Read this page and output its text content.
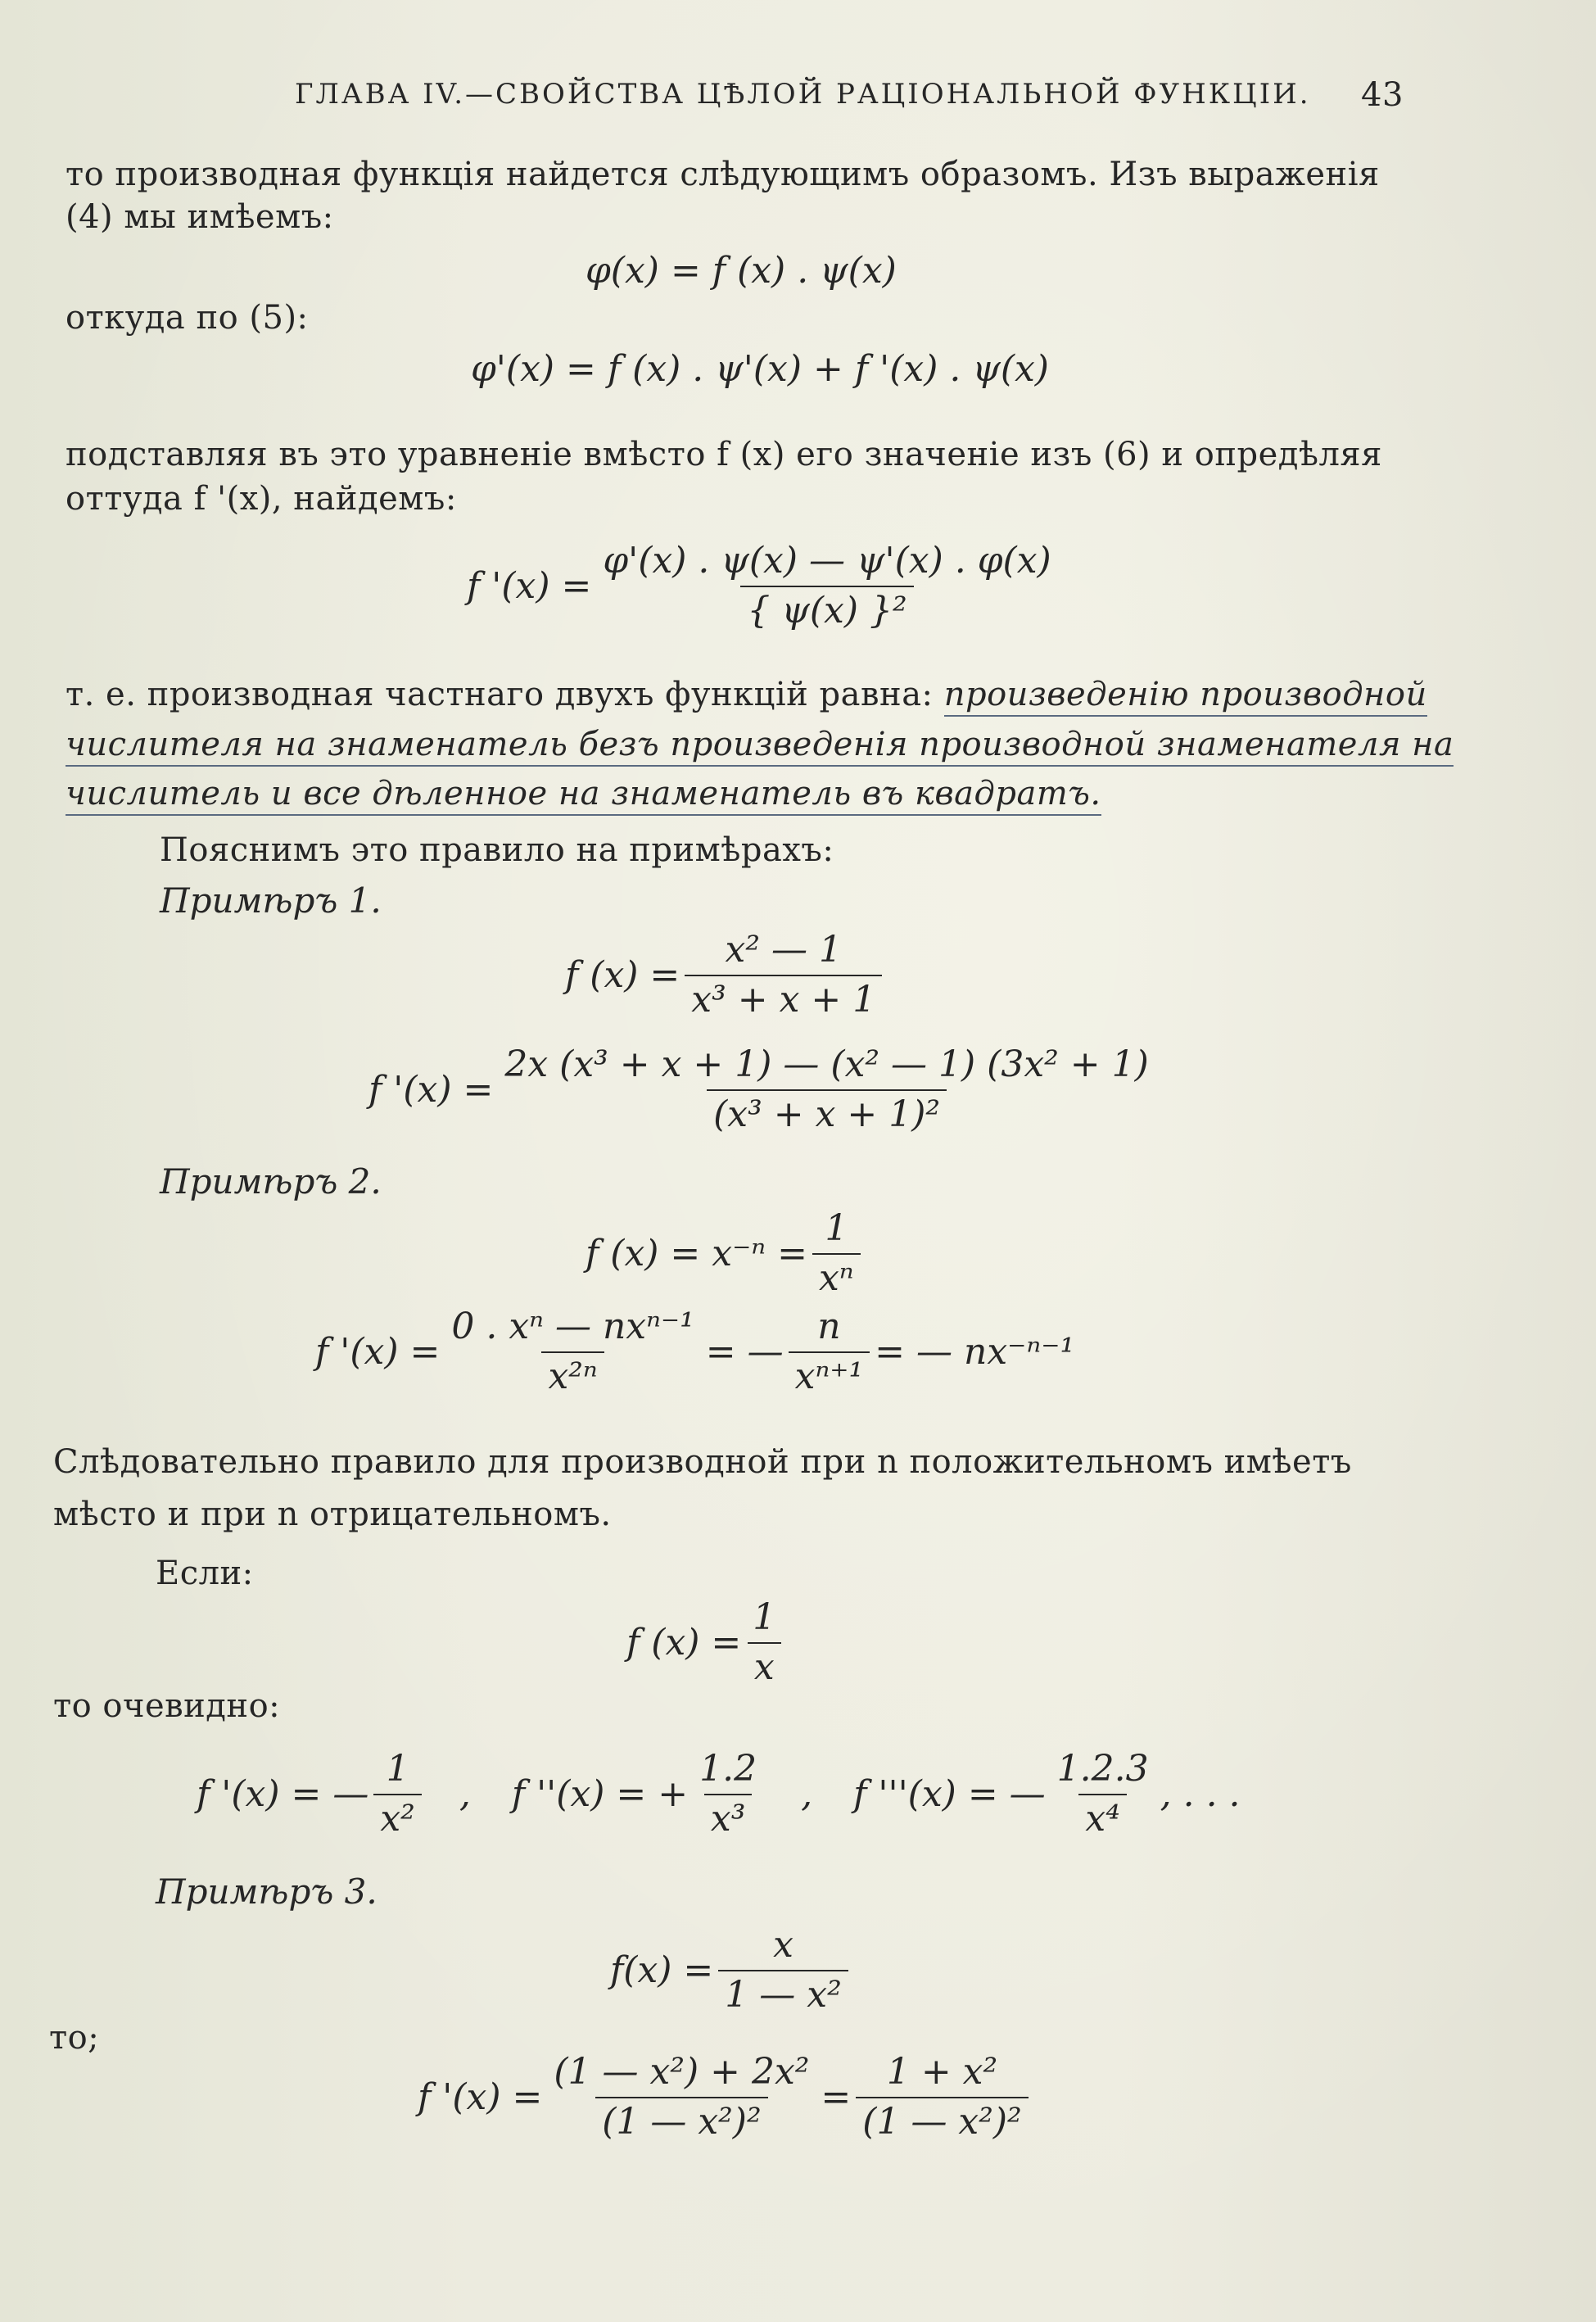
ГЛАВА IV.—СВОЙСТВА ЦѢЛОЙ РАЦІОНАЛЬНОЙ ФУНКЦІИ. 43
то производная функція найдется слѣдующимъ образомъ. Изъ выраженія
(4) мы имѣемъ:
φ(x) = f (x) . ψ(x)
откуда по (5):
φ'(x) = f (x) . ψ'(x) + f '(x) . ψ(x)
подставляя въ это уравненіе вмѣсто f (x) его значеніе изъ (6) и опредѣляя
оттуда f '(x), найдемъ:
f '$(x) = \frac{\varphi'(x) . \psi(x) — \psi'(x) . \varphi(x)}{\text{\{ ψ(x) \}²}}$
т. е. производная частнаго двухъ функцій равна: произведенію производной
числителя на знаменатель безъ произведенія производной знаменателя на
числитель и все дѣленное на знаменатель въ квадратъ.
Пояснимъ это правило на примѣрахъ:
Примѣръ 1.
f $(x) = \frac{\text{x² — 1}}{\text{x³ + x + 1}}$
f '$(x) = \frac{\text{2x (x³ + x + 1) — (x² — 1) (3x² + 1)}}{\text{(x³ + x + 1)²}}$
Примѣръ 2.
f $(x) = x^{-n} = \frac{1}{\text{xⁿ}}$
f '$(x) = \frac{\text{0 . xⁿ — nxⁿ⁻¹}}{\text{x²ⁿ}}$ = — $\frac{n}{\text{xⁿ⁺¹}}$ = — nx⁻ⁿ⁻¹
Слѣдовательно правило для производной при n положительномъ имѣетъ
мѣсто и при n отрицательномъ.
Если:
f $(x) = \frac{1}{x}$
то очевидно:
f '(x) = — $\frac{1}{\text{x²}}$ , f ''(x) = + $\frac{1.2}{\text{x³}}$ , f '''(x) = — $\frac{1.2.3}{\text{x⁴}}$ , . . .
Примѣръ 3.
$f(x) = \frac{x}{\text{1 — x²}}$
то;
f '$(x) = \frac{\text{(1 — x²) + 2x²}}{\text{(1 — x²)²}} = \frac{\text{1 + x²}}{\text{(1 — x²)²}}$
